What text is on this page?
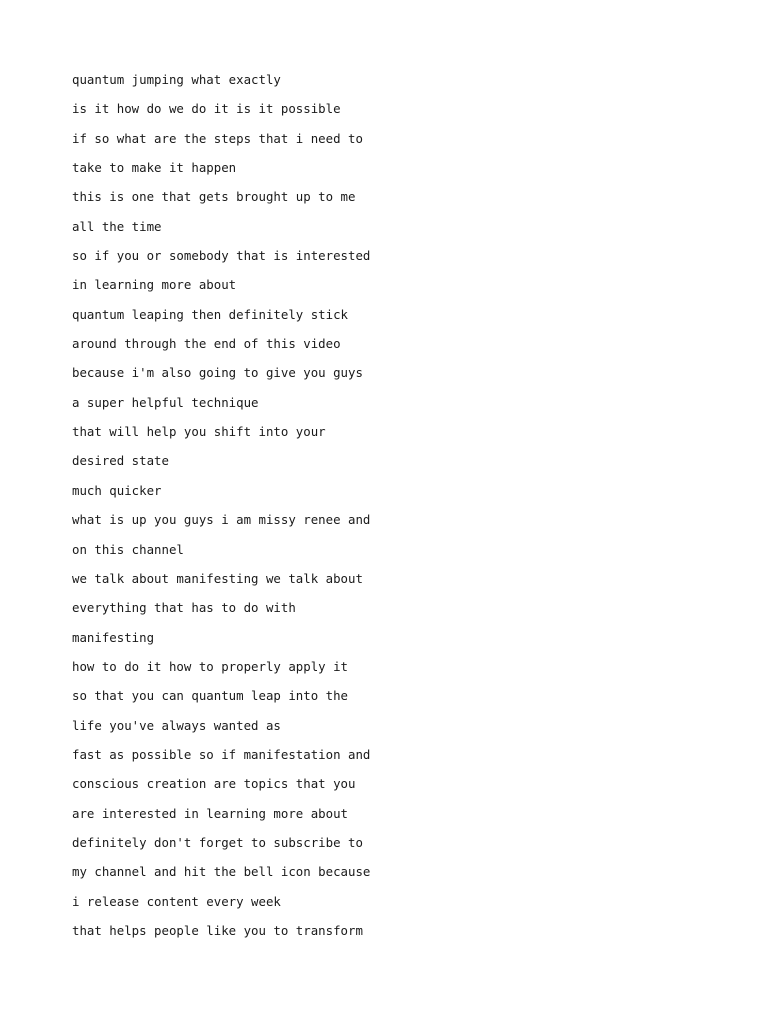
quantum jumping what exactly
is it how do we do it is it possible
if so what are the steps that i need to
take to make it happen
this is one that gets brought up to me
all the time
so if you or somebody that is interested
in learning more about
quantum leaping then definitely stick
around through the end of this video
because i'm also going to give you guys
a super helpful technique
that will help you shift into your
desired state
much quicker
what is up you guys i am missy renee and
on this channel
we talk about manifesting we talk about
everything that has to do with
manifesting
how to do it how to properly apply it
so that you can quantum leap into the
life you've always wanted as
fast as possible so if manifestation and
conscious creation are topics that you
are interested in learning more about
definitely don't forget to subscribe to
my channel and hit the bell icon because
i release content every week
that helps people like you to transform
